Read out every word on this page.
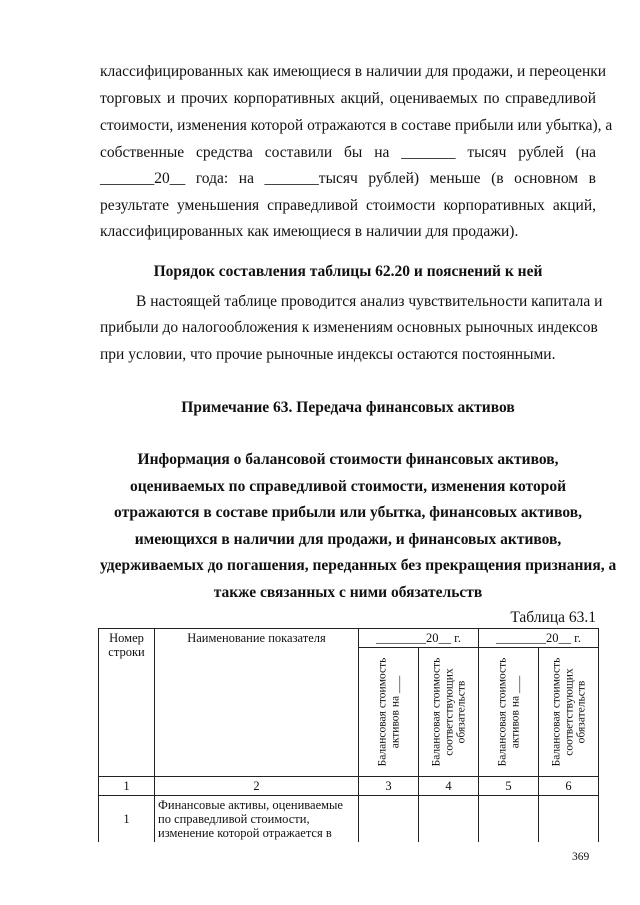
классифицированных как имеющиеся в наличии для продажи, и переоценки
торговых и прочих корпоративных акций, оцениваемых по справедливой
стоимости, изменения которой отражаются в составе прибыли или убытка), а
собственные средства составили бы на _______ тысяч рублей (на
_______20__ года: на _______тысяч рублей) меньше (в основном в
результате уменьшения справедливой стоимости корпоративных акций,
классифицированных как имеющиеся в наличии для продажи).
Порядок составления таблицы 62.20 и пояснений к ней
В настоящей таблице проводится анализ чувствительности капитала и
прибыли до налогообложения к изменениям основных рыночных индексов
при условии, что прочие рыночные индексы остаются постоянными.
Примечание 63. Передача финансовых активов
Информация о балансовой стоимости финансовых активов,
оцениваемых по справедливой стоимости, изменения которой
отражаются в составе прибыли или убытка, финансовых активов,
имеющихся в наличии для продажи, и финансовых активов,
удерживаемых до погашения, переданных без прекращения признания, а
также связанных с ними обязательств
Таблица 63.1
Номер строки	Наименование показателя	________20__ г.		________20__ г.	

		Балансовая стоимость активов на ___	Балансовая стоимость соответствующих обязательств	Балансовая стоимость активов на ___	Балансовая стоимость соответствующих обязательств

1	2	3	4	5	6
1	Финансовые активы, оцениваемые по справедливой стоимости, изменение которой отражается в				
369
